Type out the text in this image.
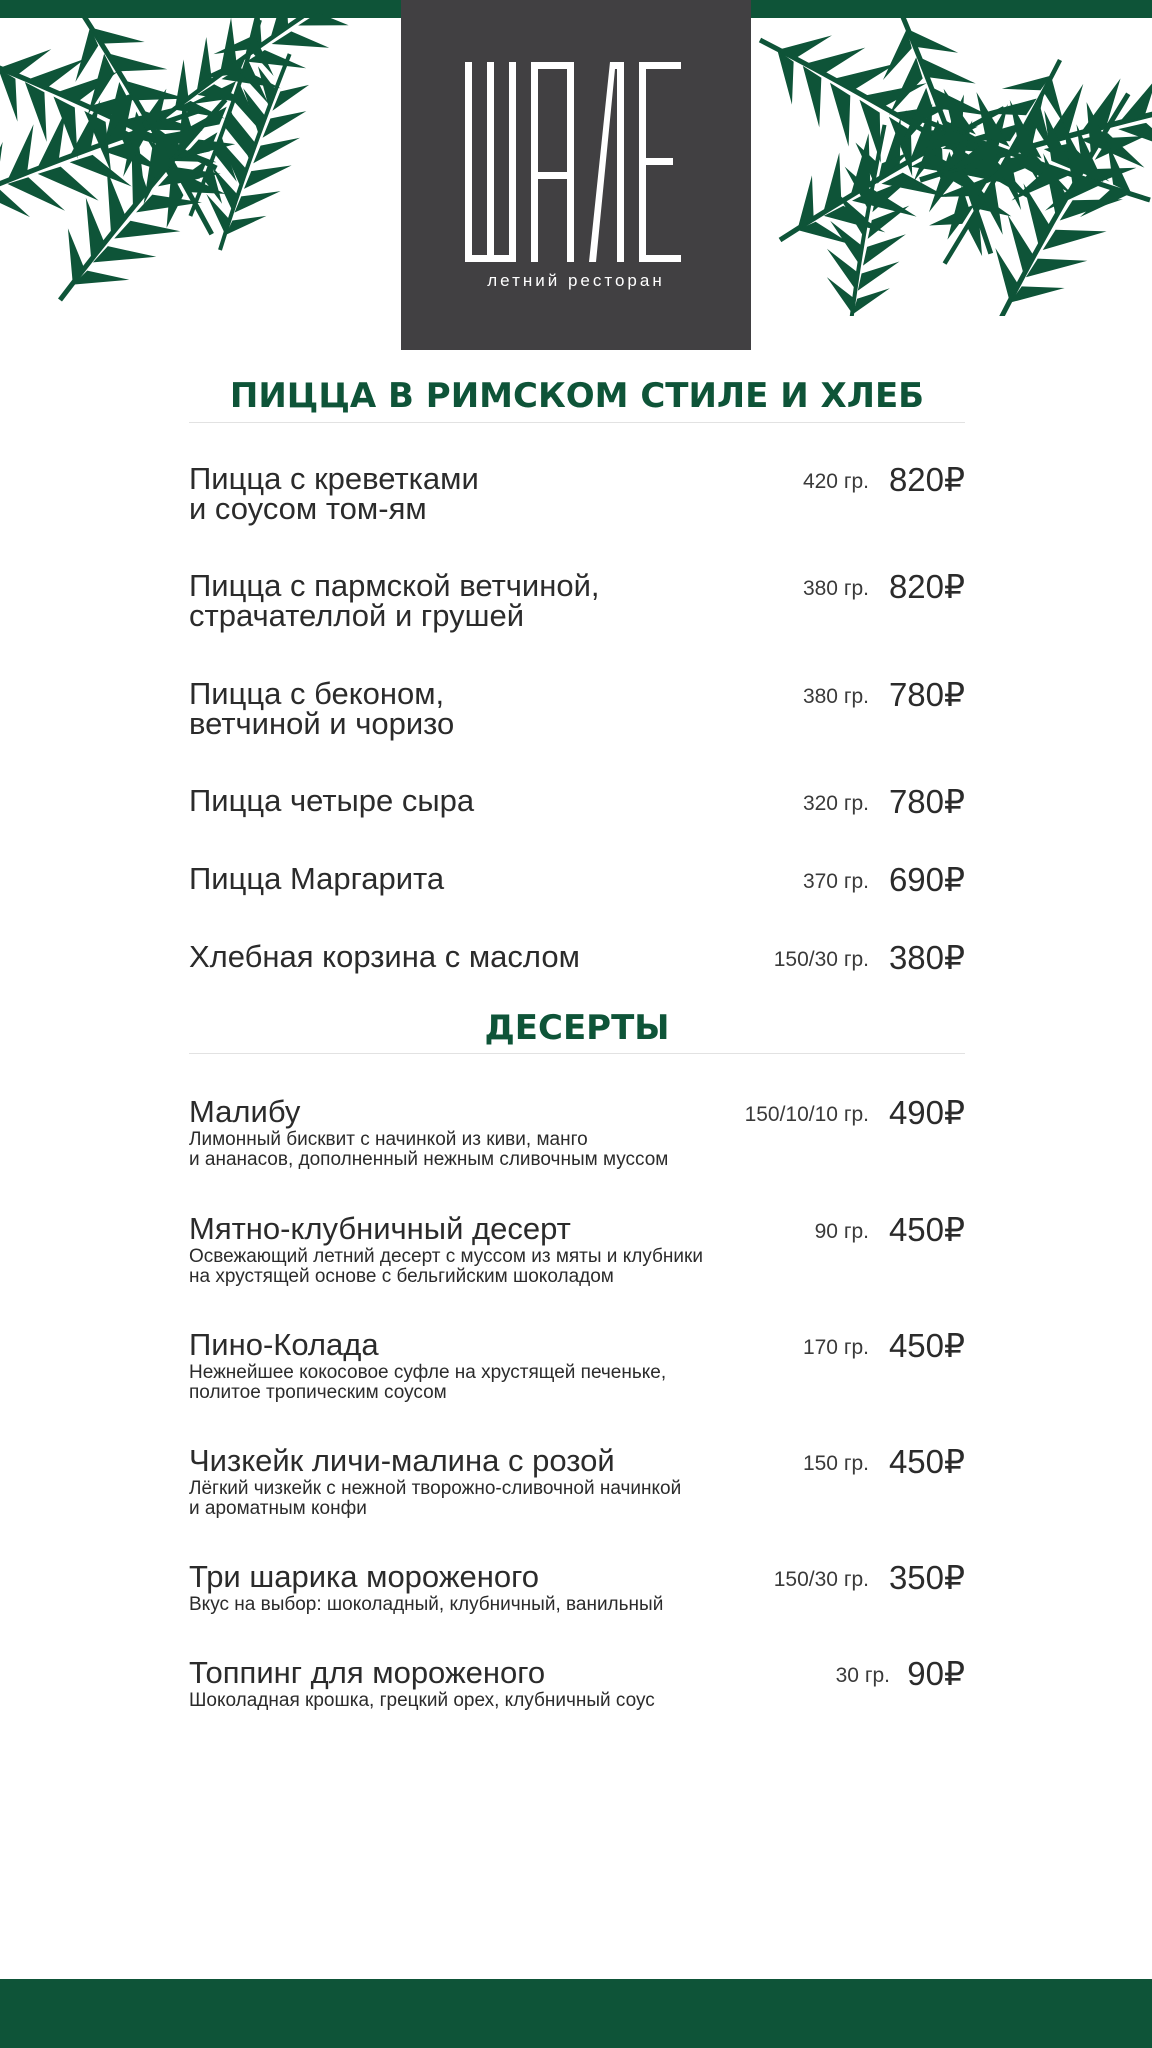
летний ресторан
ПИЦЦА В РИМСКОМ СТИЛЕ И ХЛЕБ
Пицца с креветками
и соусом том-ям
420 гр. 820₽
Пицца с пармской ветчиной,
страчателлой и грушей
380 гр. 820₽
Пицца с беконом,
ветчиной и чоризо
380 гр. 780₽
Пицца четыре сыра	320 гр. 780₽
Пицца Маргарита	370 гр. 690₽
Хлебная корзина с маслом	150/30 гр. 380₽
ДЕСЕРТЫ
Малибу
Лимонный бисквит с начинкой из киви, манго
и ананасов, дополненный нежным сливочным муссом
150/10/10 гр. 490₽
Мятно-клубничный десерт
Освежающий летний десерт с муссом из мяты и клубники
на хрустящей основе с бельгийским шоколадом
90 гр. 450₽
Пино-Колада
Нежнейшее кокосовое суфле на хрустящей печеньке,
политое тропическим соусом
170 гр. 450₽
Чизкейк личи-малина с розой
Лёгкий чизкейк с нежной творожно-сливочной начинкой
и ароматным конфи
150 гр. 450₽
Три шарика мороженого
Вкус на выбор: шоколадный, клубничный, ванильный
150/30 гр. 350₽
Топпинг для мороженого
Шоколадная крошка, грецкий орех, клубничный соус
30 гр. 90₽
